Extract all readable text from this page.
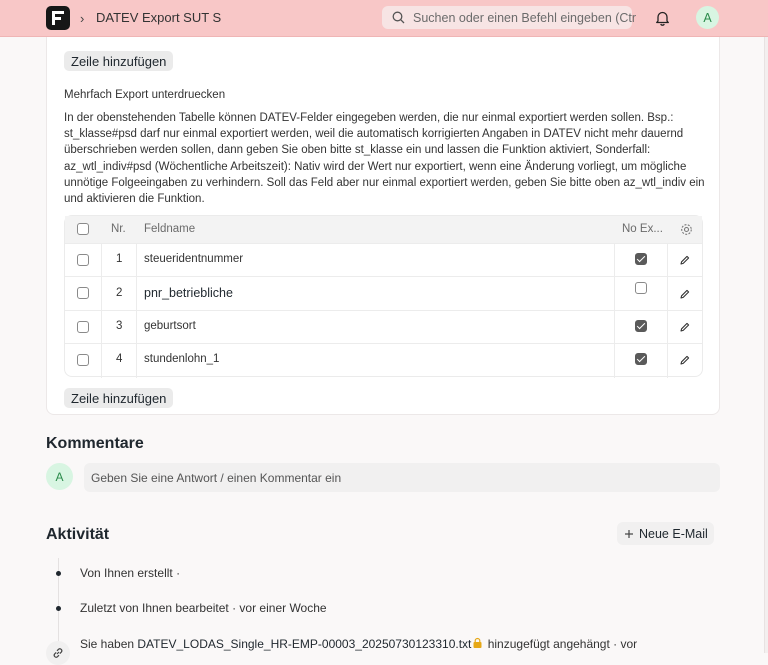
› DATEV Export SUT S	Suchen oder einen Befehl eingeben (Ctr	A
Zeile hinzufügen
Mehrfach Export unterdruecken
In der obenstehenden Tabelle können DATEV-Felder eingegeben werden, die nur einmal exportiert werden sollen. Bsp.: st_klasse#psd darf nur einmal exportiert werden, weil die automatisch korrigierten Angaben in DATEV nicht mehr dauernd überschrieben werden sollen, dann geben Sie oben bitte st_klasse ein und lassen die Funktion aktiviert, Sonderfall: az_wtl_indiv#psd (Wöchentliche Arbeitszeit): Nativ wird der Wert nur exportiert, wenn eine Änderung vorliegt, um mögliche unnötige Folgeeingaben zu verhindern. Soll das Feld aber nur einmal exportiert werden, geben Sie bitte oben az_wtl_indiv ein und aktivieren die Funktion.
Nr. Feldname	No Ex...
1 steueridentnummer
2 pnr_betriebliche
3 geburtsort
4 stundenlohn_1
Zeile hinzufügen
Kommentare
A	Geben Sie eine Antwort / einen Kommentar ein
Aktivität	Neue E-Mail
Von Ihnen erstellt ·
Zuletzt von Ihnen bearbeitet · vor einer Woche
Sie haben DATEV_LODAS_Single_HR-EMP-00003_20250730123310.txt
hinzugefügt angehängt · vor
